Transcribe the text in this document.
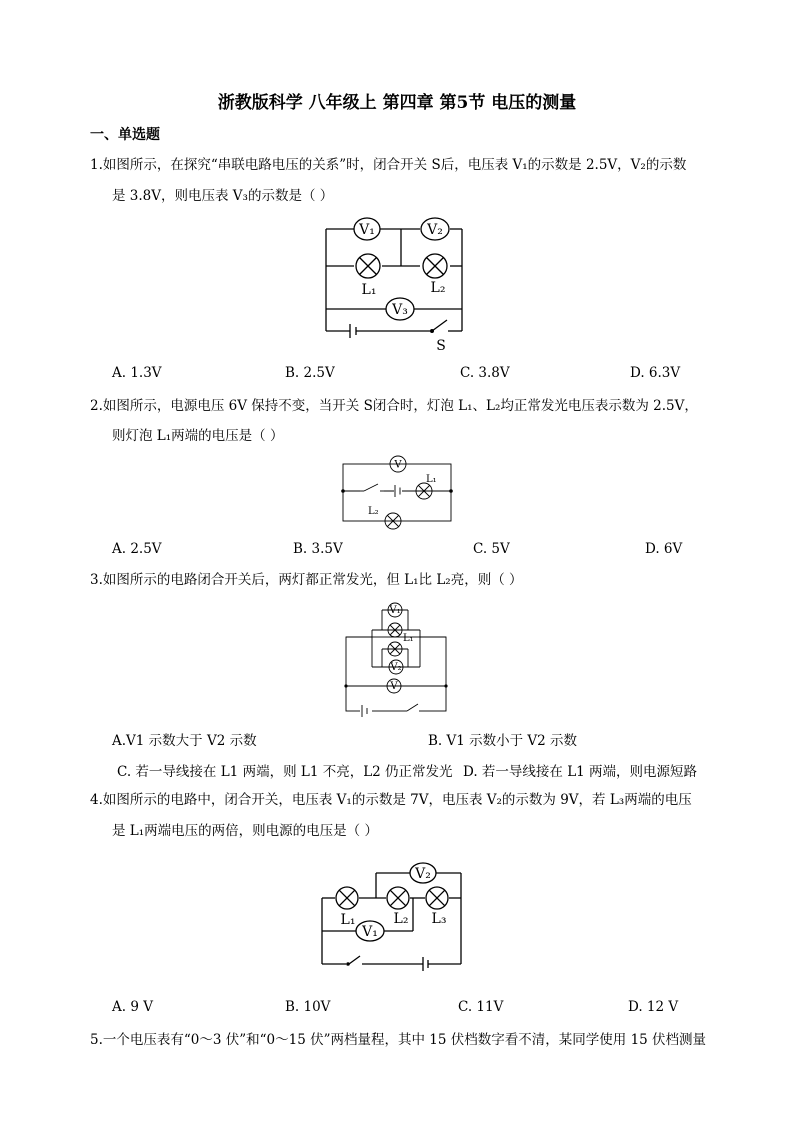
浙教版科学 八年级上 第四章 第5节 电压的测量
一、单选题
1.如图所示，在探究“串联电路电压的关系”时，闭合开关 S后，电压表 V₁的示数是 2.5V，V₂的示数
是 3.8V，则电压表 V₃的示数是（ ）
V₁	V₂
L₁	L₂
V₃
S
A. 1.3V	B. 2.5V	C. 3.8V	D. 6.3V
2.如图所示，电源电压 6V 保持不变，当开关 S闭合时，灯泡 L₁、L₂均正常发光电压表示数为 2.5V，
则灯泡 L₁两端的电压是（ ）
V
L₁
L₂
A. 2.5V	B. 3.5V	C. 5V	D. 6V
3.如图所示的电路闭合开关后，两灯都正常发光，但 L₁比 L₂亮，则（ ）
V₁
L₁
V₂
V
A.V1 示数大于 V2 示数	B. V1 示数小于 V2 示数
C. 若一导线接在 L1 两端，则 L1 不亮，L2 仍正常发光 D. 若一导线接在 L1 两端，则电源短路
4.如图所示的电路中，闭合开关，电压表 V₁的示数是 7V，电压表 V₂的示数为 9V，若 L₃两端的电压
是 L₁两端电压的两倍，则电源的电压是（ ）
L₁	L₂ L₃
V₂
V₁
A. 9 V	B. 10V	C. 11V	D. 12 V
5.一个电压表有“0～3 伏”和“0～15 伏”两档量程，其中 15 伏档数字看不清，某同学使用 15 伏档测量
